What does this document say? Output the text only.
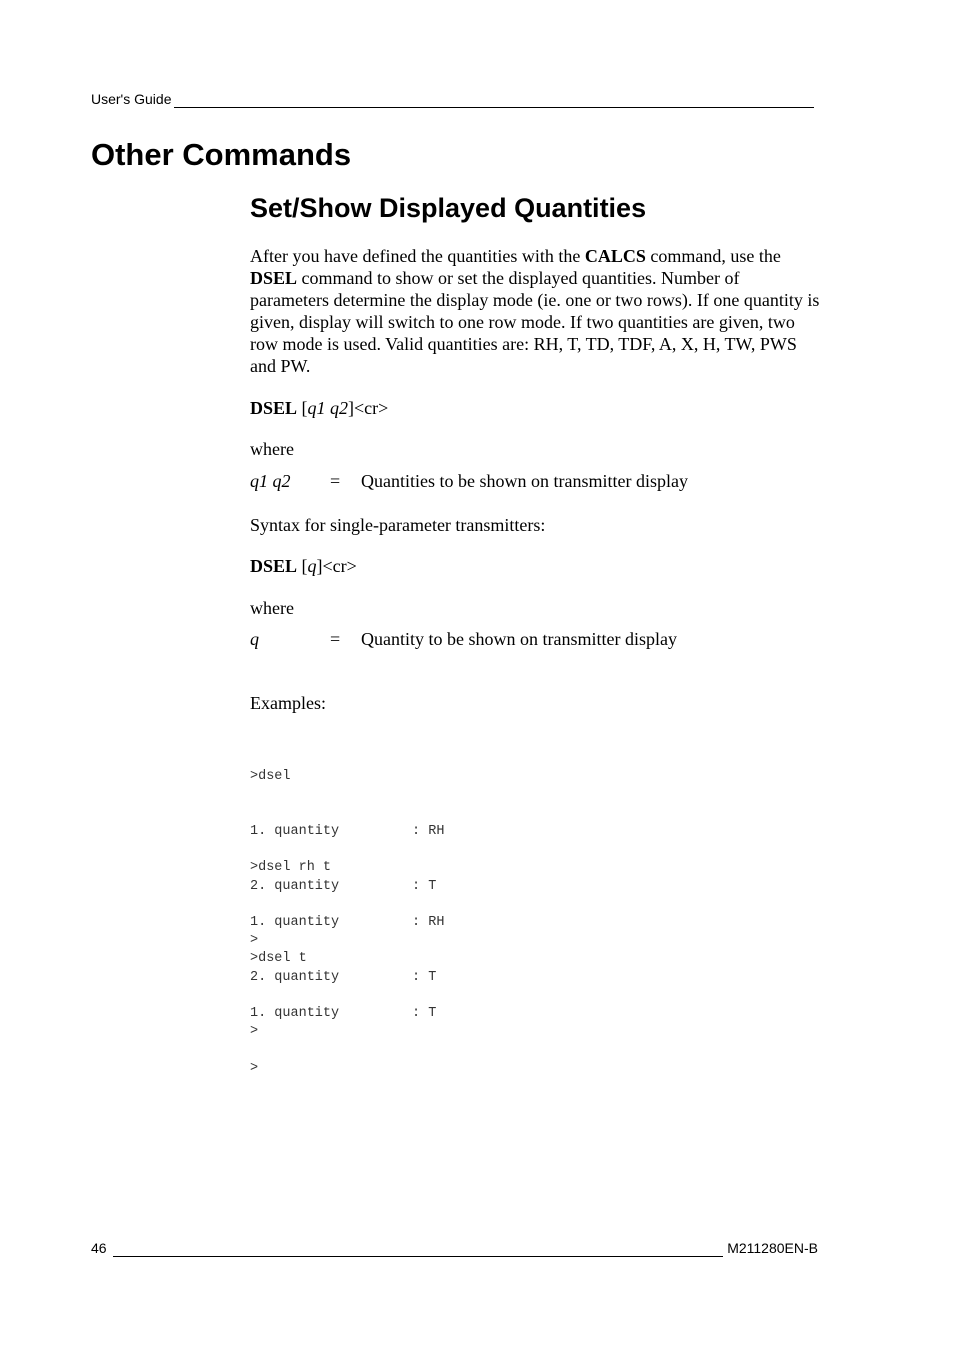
User's Guide
Other Commands
Set/Show Displayed Quantities

After you have defined the quantities with the CALCS command, use the DSEL command to show or set the displayed quantities. Number of parameters determine the display mode (ie. one or two rows). If one quantity is given, display will switch to one row mode. If two quantities are given, two row mode is used. Valid quantities are: RH, T, TD, TDF, A, X, H, TW, PWS and PW.

DSEL [q1 q2]<cr>

where

q1 q2	=	Quantities to be shown on transmitter display

Syntax for single-parameter transmitters:

DSEL [q]<cr>

where

q	=	Quantity to be shown on transmitter display

Examples:

>dsel

1. quantity         : RH

2. quantity         : T

>

>dsel rh t

1. quantity         : RH

2. quantity         : T

>

>dsel t

1. quantity         : T

>

46	M211280EN-B
